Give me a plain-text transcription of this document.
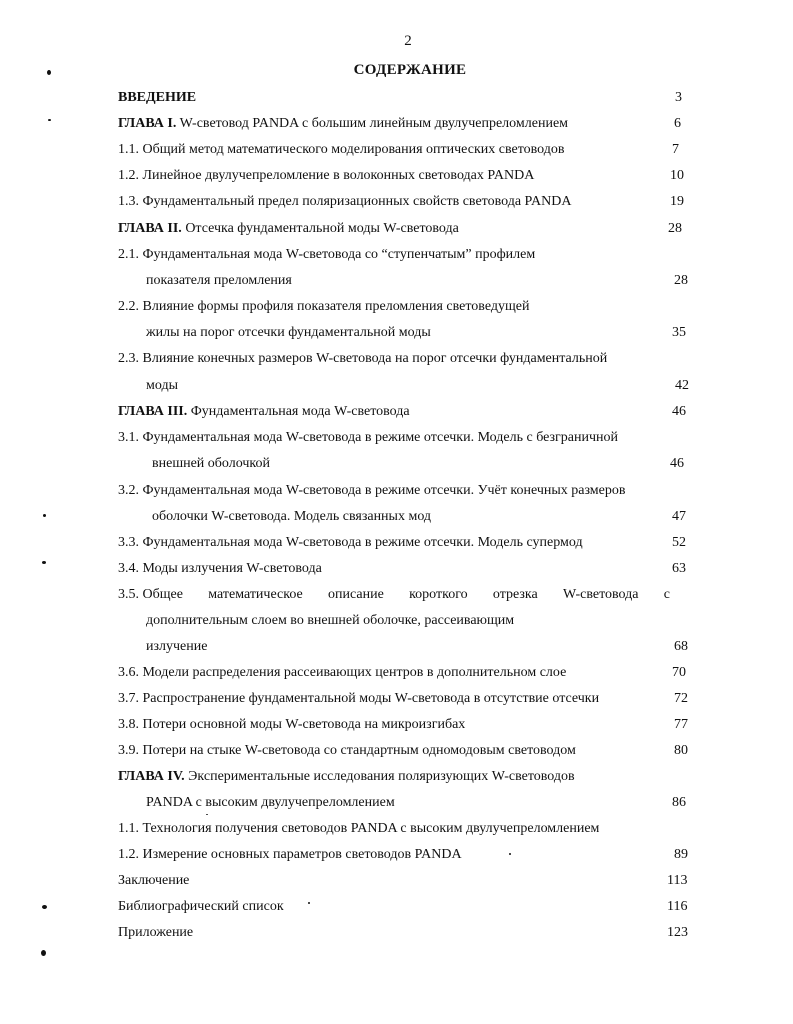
2
СОДЕРЖАНИЕ
ВВЕДЕНИЕ	3
ГЛАВА I. W-световод PANDA с большим линейным двулучепреломлением	6
1.1. Общий метод математического моделирования оптических световодов	7
1.2. Линейное двулучепреломление в волоконных световодах PANDA	10
1.3. Фундаментальный предел поляризационных свойств световода PANDA	19
ГЛАВА II. Отсечка фундаментальной моды W-световода	28
2.1. Фундаментальная мода W-световода со “ступенчатым” профилем
показателя преломления	28
2.2. Влияние формы профиля показателя преломления световедущей
жилы на порог отсечки фундаментальной моды	35
2.3. Влияние конечных размеров W-световода на порог отсечки фундаментальной
моды	42
ГЛАВА III. Фундаментальная мода W-световода	46
3.1. Фундаментальная мода W-световода в режиме отсечки. Модель с безграничной
внешней оболочкой	46
3.2. Фундаментальная мода W-световода в режиме отсечки. Учёт конечных размеров
оболочки W-световода. Модель связанных мод	47
3.3. Фундаментальная мода W-световода в режиме отсечки. Модель супермод	52
3.4. Моды излучения W-световода	63
3.5. Общее математическое описание короткого отрезка W-световода с
дополнительным слоем во внешней оболочке, рассеивающим
излучение	68
3.6. Модели распределения рассеивающих центров в дополнительном слое	70
3.7. Распространение фундаментальной моды W-световода в отсутствие отсечки	72
3.8. Потери основной моды W-световода на микроизгибах	77
3.9. Потери на стыке W-световода со стандартным одномодовым световодом	80
ГЛАВА IV. Экспериментальные исследования поляризующих W-световодов
PANDA с высоким двулучепреломлением	86
1.1. Технология получения световодов PANDA с высоким двулучепреломлением
1.2. Измерение основных параметров световодов PANDA	89
Заключение	113
Библиографический список	116
Приложение	123
